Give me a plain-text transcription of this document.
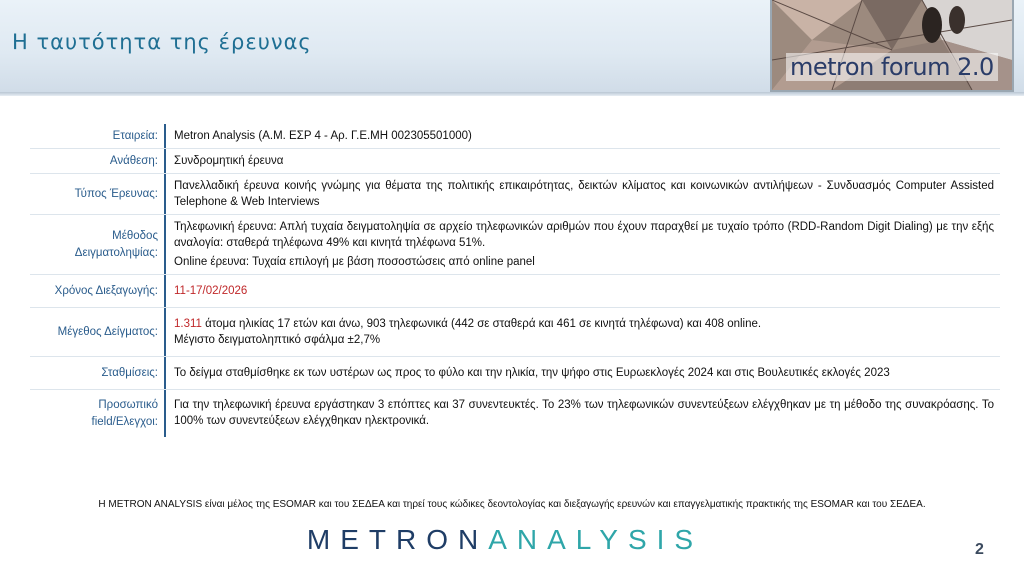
Η ταυτότητα της έρευνας
metron forum 2.0
Εταιρεία:	Metron Analysis (Α.Μ. ΕΣΡ 4 - Αρ. Γ.Ε.ΜΗ 002305501000)
Ανάθεση:	Συνδρομητική έρευνα
Τύπος Έρευνας:
Πανελλαδική έρευνα κοινής γνώμης για θέματα της πολιτικής επικαιρότητας, δεικτών κλίματος και κοινωνικών αντιλήψεων - Συνδυασμός Computer Assisted Telephone & Web Interviews
Μέθοδος
Δειγματοληψίας:
Τηλεφωνική έρευνα: Απλή τυχαία δειγματοληψία σε αρχείο τηλεφωνικών αριθμών που έχουν παραχθεί με τυχαίο τρόπο (RDD-Random Digit Dialing) με την εξής αναλογία: σταθερά τηλέφωνα 49% και κινητά τηλέφωνα 51%.
Online έρευνα: Τυχαία επιλογή με βάση ποσοστώσεις από online panel
Χρόνος Διεξαγωγής:	11-17/02/2026
Μέγεθος Δείγματος:
1.311 άτομα ηλικίας 17 ετών και άνω, 903 τηλεφωνικά (442 σε σταθερά και 461 σε κινητά τηλέφωνα) και 408 online.
Μέγιστο δειγματοληπτικό σφάλμα ±2,7%
Σταθμίσεις:	Το δείγμα σταθμίσθηκε εκ των υστέρων ως προς το φύλο και την ηλικία, την ψήφο στις Ευρωεκλογές 2024 και στις Βουλευτικές εκλογές 2023
Προσωπικό
field/Ελεγχοι:
Για την τηλεφωνική έρευνα εργάστηκαν 3 επόπτες και 37 συνεντευκτές. Το 23% των τηλεφωνικών συνεντεύξεων ελέγχθηκαν με τη μέθοδο της συνακρόασης. Το 100% των συνεντεύξεων ελέγχθηκαν ηλεκτρονικά.
Η METRON ANALYSIS είναι μέλος της ESOMAR και του ΣΕΔΕΑ και τηρεί τους κώδικες δεοντολογίας και διεξαγωγής ερευνών και επαγγελματικής πρακτικής της ESOMAR και του ΣΕΔΕΑ.
METRONANALYSIS	2
